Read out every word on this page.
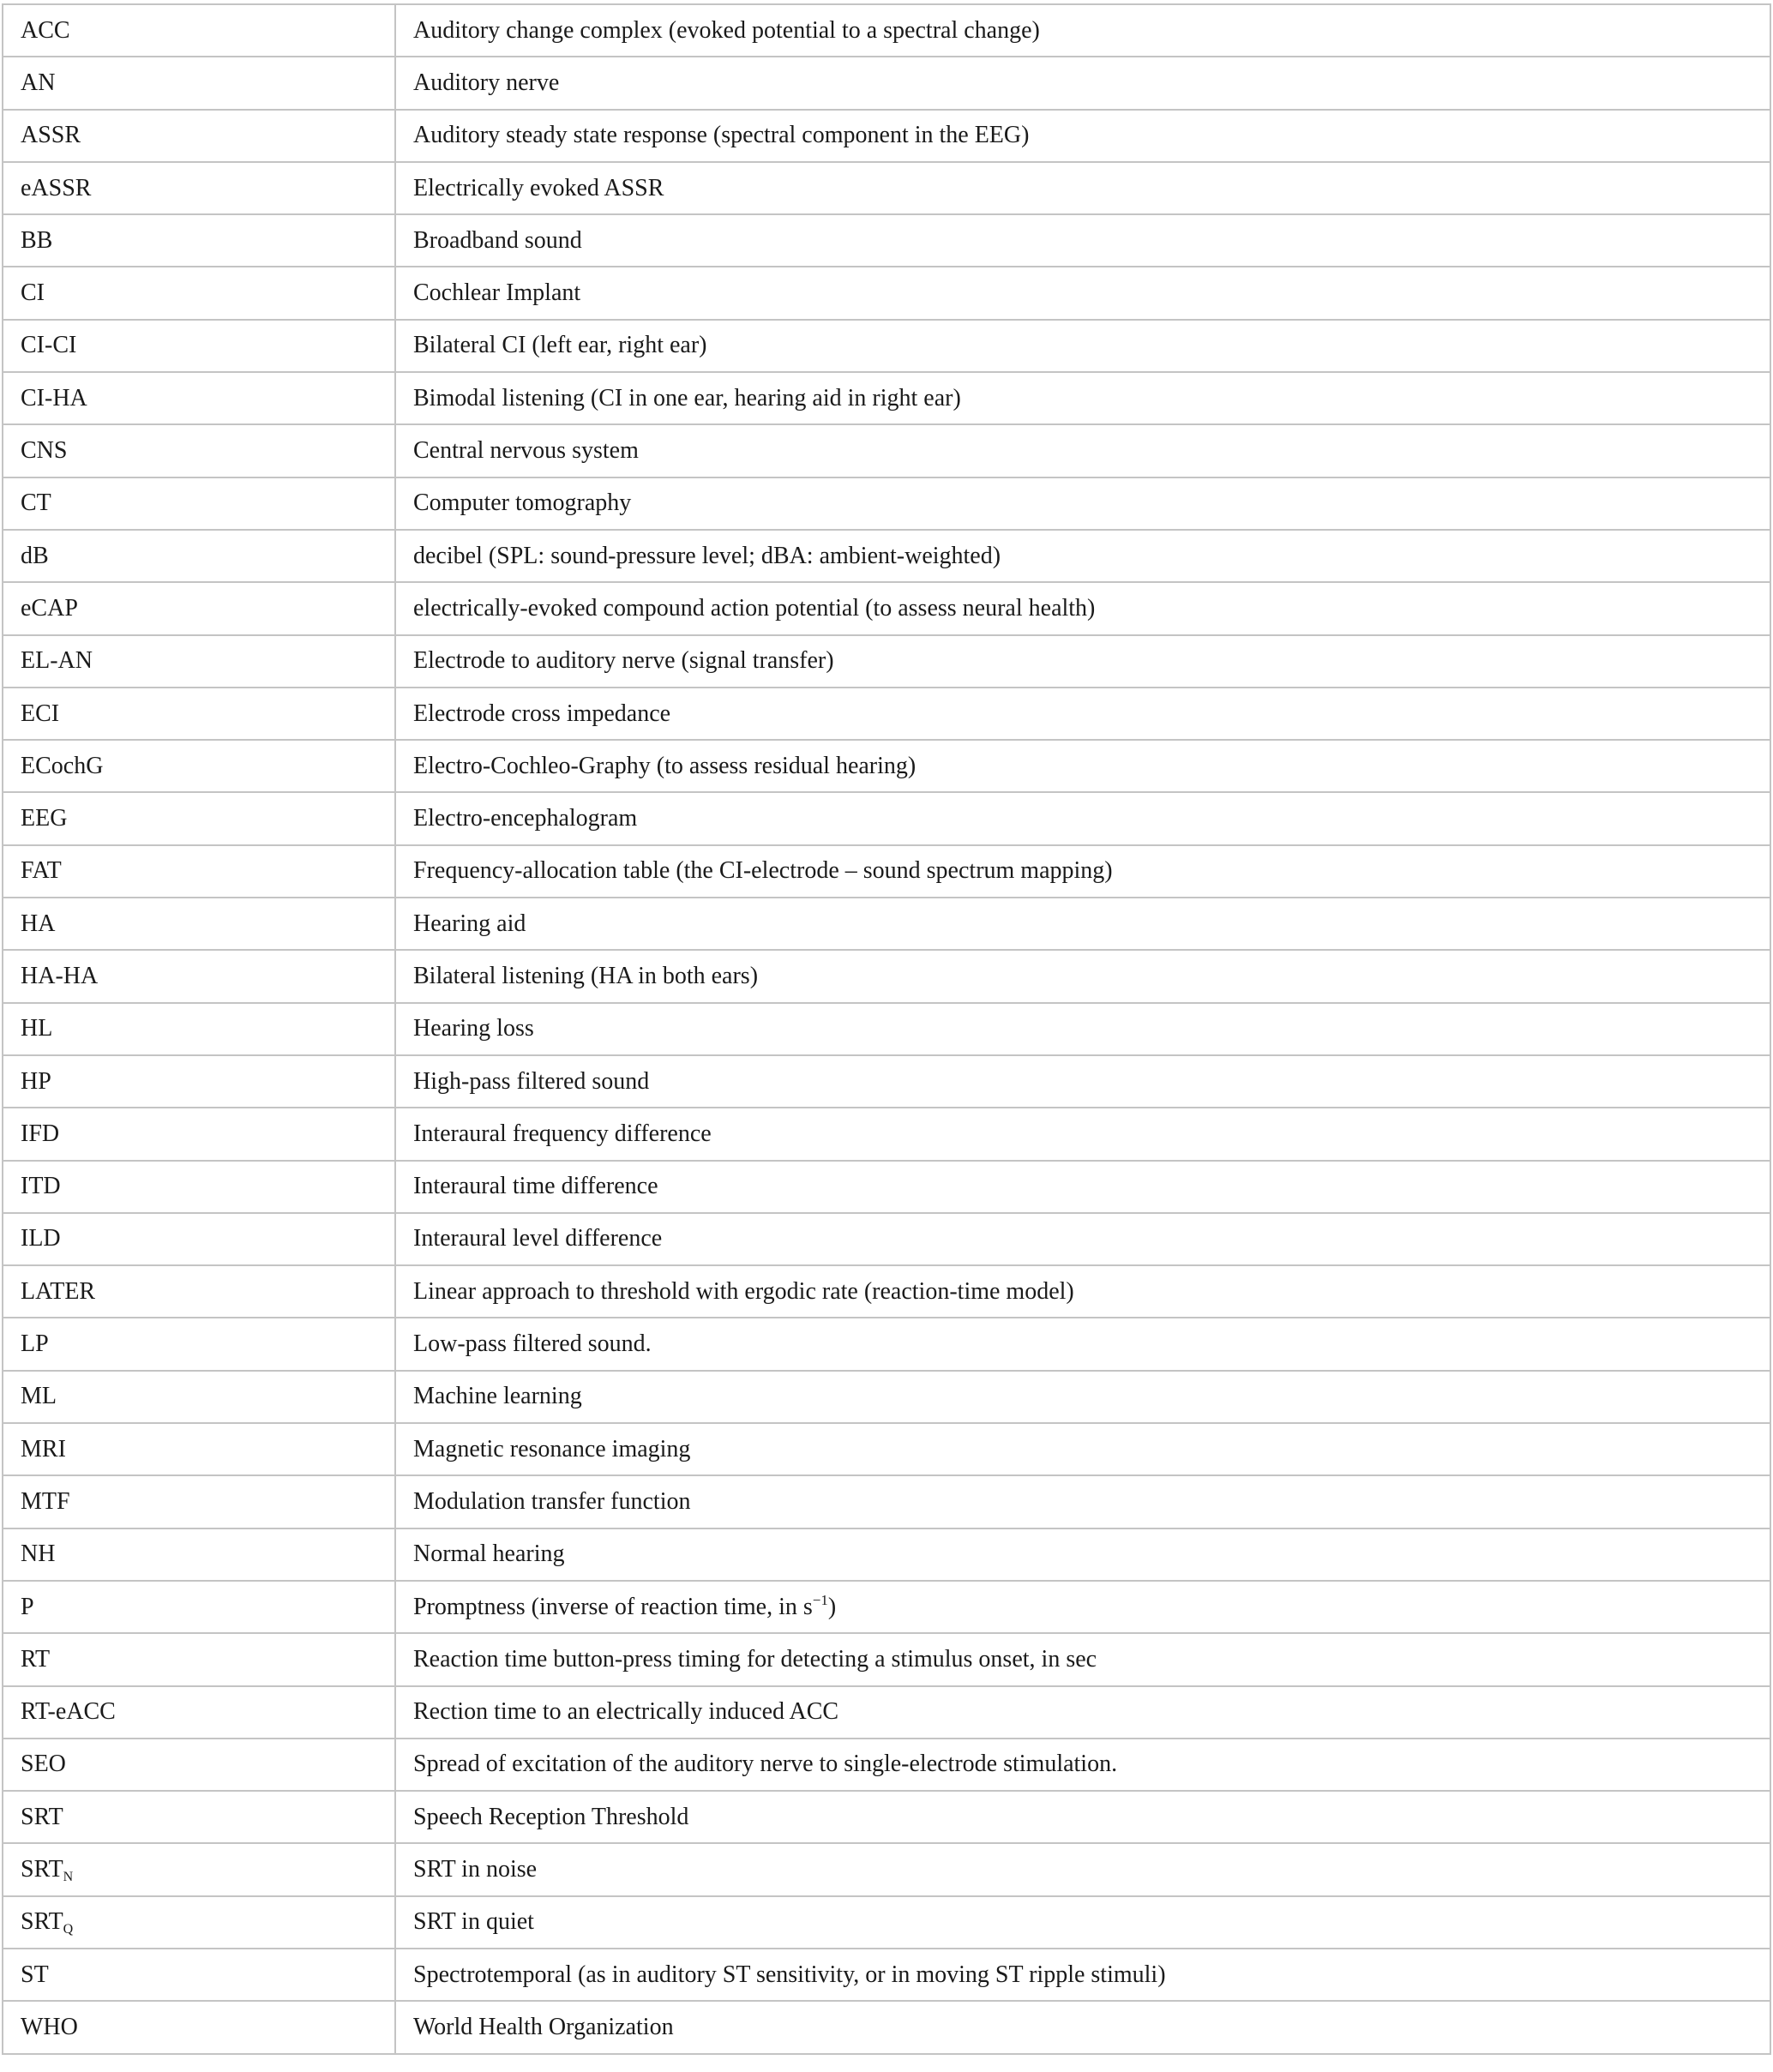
ACC	Auditory change complex (evoked potential to a spectral change)
AN	Auditory nerve
ASSR	Auditory steady state response (spectral component in the EEG)
eASSR	Electrically evoked ASSR
BB	Broadband sound
CI	Cochlear Implant
CI-CI	Bilateral CI (left ear, right ear)
CI-HA	Bimodal listening (CI in one ear, hearing aid in right ear)
CNS	Central nervous system
CT	Computer tomography
dB	decibel (SPL: sound-pressure level; dBA: ambient-weighted)
eCAP	electrically-evoked compound action potential (to assess neural health)
EL-AN	Electrode to auditory nerve (signal transfer)
ECI	Electrode cross impedance
ECochG	Electro-Cochleo-Graphy (to assess residual hearing)
EEG	Electro-encephalogram
FAT	Frequency-allocation table (the CI-electrode – sound spectrum mapping)
HA	Hearing aid
HA-HA	Bilateral listening (HA in both ears)
HL	Hearing loss
HP	High-pass filtered sound
IFD	Interaural frequency difference
ITD	Interaural time difference
ILD	Interaural level difference
LATER	Linear approach to threshold with ergodic rate (reaction-time model)
LP	Low-pass filtered sound.
ML	Machine learning
MRI	Magnetic resonance imaging
MTF	Modulation transfer function
NH	Normal hearing
P	Promptness (inverse of reaction time, in $s^{-1}$)
RT	Reaction time button-press timing for detecting a stimulus onset, in sec
RT-eACC	Rection time to an electrically induced ACC
SEO	Spread of excitation of the auditory nerve to single-electrode stimulation.
SRT	Speech Reception Threshold
$SRT_N$	SRT in noise
$SRT_Q$	SRT in quiet
ST	Spectrotemporal (as in auditory ST sensitivity, or in moving ST ripple stimuli)
WHO	World Health Organization
